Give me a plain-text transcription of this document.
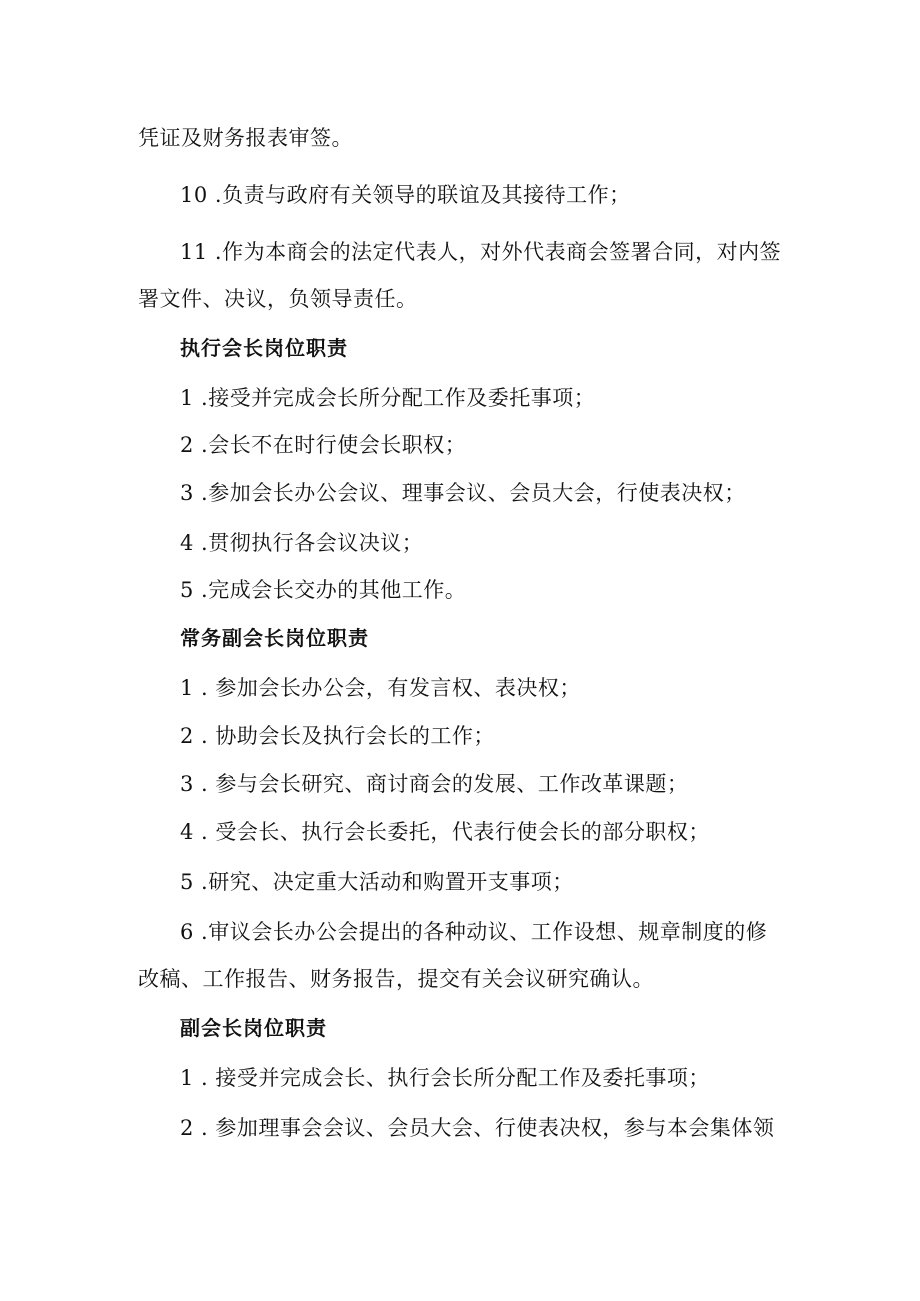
凭证及财务报表审签。
10 .负责与政府有关领导的联谊及其接待工作；
11 .作为本商会的法定代表人，对外代表商会签署合同，对内签
署文件、决议，负领导责任。
执行会长岗位职责
1 .接受并完成会长所分配工作及委托事项；
2 .会长不在时行使会长职权；
3 .参加会长办公会议、理事会议、会员大会，行使表决权；
4 .贯彻执行各会议决议；
5 .完成会长交办的其他工作。
常务副会长岗位职责
1 . 参加会长办公会，有发言权、表决权；
2 . 协助会长及执行会长的工作；
3 . 参与会长研究、商讨商会的发展、工作改革课题；
4 . 受会长、执行会长委托，代表行使会长的部分职权；
5 .研究、决定重大活动和购置开支事项；
6 .审议会长办公会提出的各种动议、工作设想、规章制度的修
改稿、工作报告、财务报告，提交有关会议研究确认。
副会长岗位职责
1 . 接受并完成会长、执行会长所分配工作及委托事项；
2 . 参加理事会会议、会员大会、行使表决权，参与本会集体领
